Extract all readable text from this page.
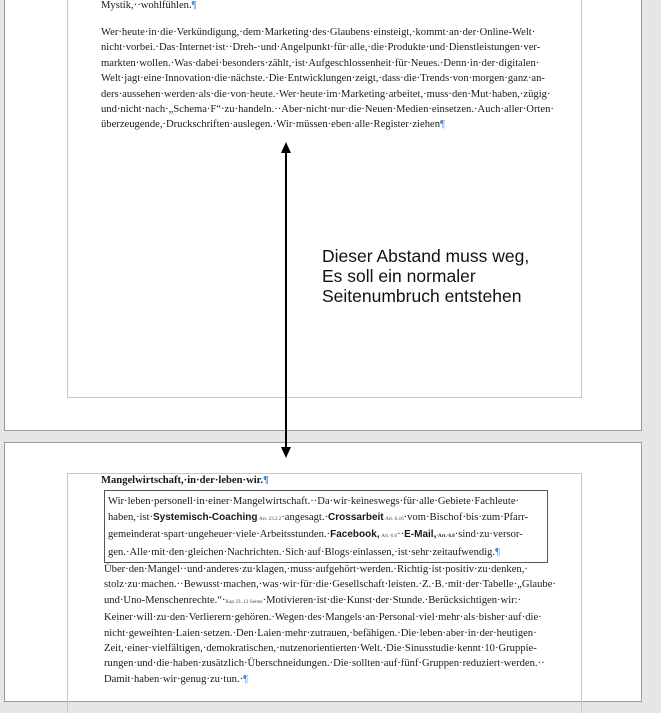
Mystik,··wohlfühlen.¶

Wer·heute·in·die·Verkündigung,·dem·Marketing·des·Glaubens·einsteigt,·kommt·an·der·Online-Welt· nicht·vorbei.·Das·Internet·ist··Dreh-·und·Angelpunkt·für·alle,·die·Produkte·und·Dienstleistungen·ver- markten·wollen.·Was·dabei·besonders·zählt,·ist·Aufgeschlossenheit·für·Neues.·Denn·in·der·digitalen· Welt·jagt·eine·Innovation·die·nächste.·Die·Entwicklungen·zeigt,·dass·die·Trends·von·morgen·ganz·an- ders·aussehen·werden·als·die·von·heute.·Wer·heute·im·Marketing·arbeitet,·muss·den·Mut·haben,·zügig· und·nicht·nach·„Schema·F“·zu·handeln.··Aber·nicht·nur·die·Neuen·Medien·einsetzen.·Auch·aller·Orten· überzeugende,·Druckschriften·auslegen.·Wir·müssen·eben·alle·Register·ziehen¶

Dieser Abstand muss weg,
Es soll ein normaler
Seitenumbruch entstehen

Mangelwirtschaft,·in·der·leben·wir.¶

Wir·leben·personell·in·einer·Mangelwirtschaft.··Da·wir·keineswegs·für·alle·Gebiete·Fachleute· haben,·ist·Systemisch-Coaching·Art.·23.2.2·angesagt.·Crossarbeit·Art.·6.16·vom·Bischof·bis·zum·Pfarr- gemeinderat·spart·ungeheuer·viele·Arbeitsstunden.·Facebook,·Art.·6.6··E-Mail,·Art.·6.8·sind·zu·versor- gen.·Alle·mit·den·gleichen·Nachrichten.·Sich·auf·Blogs·einlassen,·ist·sehr·zeitaufwendig.¶

Über·den·Mangel··und·anderes·zu·klagen,·muss·aufgehört·werden.·Richtig·ist·positiv·zu·denken,· stolz·zu·machen.··Bewusst·machen,·was·wir·für·die·Gesellschaft·leisten.·Z.·B.·mit·der·Tabelle·„Glaube· und·Uno-Menschenrechte.“·Kap·23.·12·Seiten·Motivieren·ist·die·Kunst·der·Stunde.·Berücksichtigen·wir:· Keiner·will·zu·den·Verlierern·gehören.·Wegen·des·Mangels·an·Personal·viel·mehr·als·bisher·auf·die· nicht·geweihten·Laien·setzen.·Den·Laien·mehr·zutrauen,·befähigen.·Die·leben·aber·in·der·heutigen· Zeit,·einer·vielfältigen,·demokratischen,·nutzenorientierten·Welt.·Die·Sinusstudie·kennt·10·Gruppie- rungen·und·die·haben·zusätzlich·Überschneidungen.·Die·sollten·auf·fünf·Gruppen·reduziert·werden.·· Damit·haben·wir·genug·zu·tun.·¶
